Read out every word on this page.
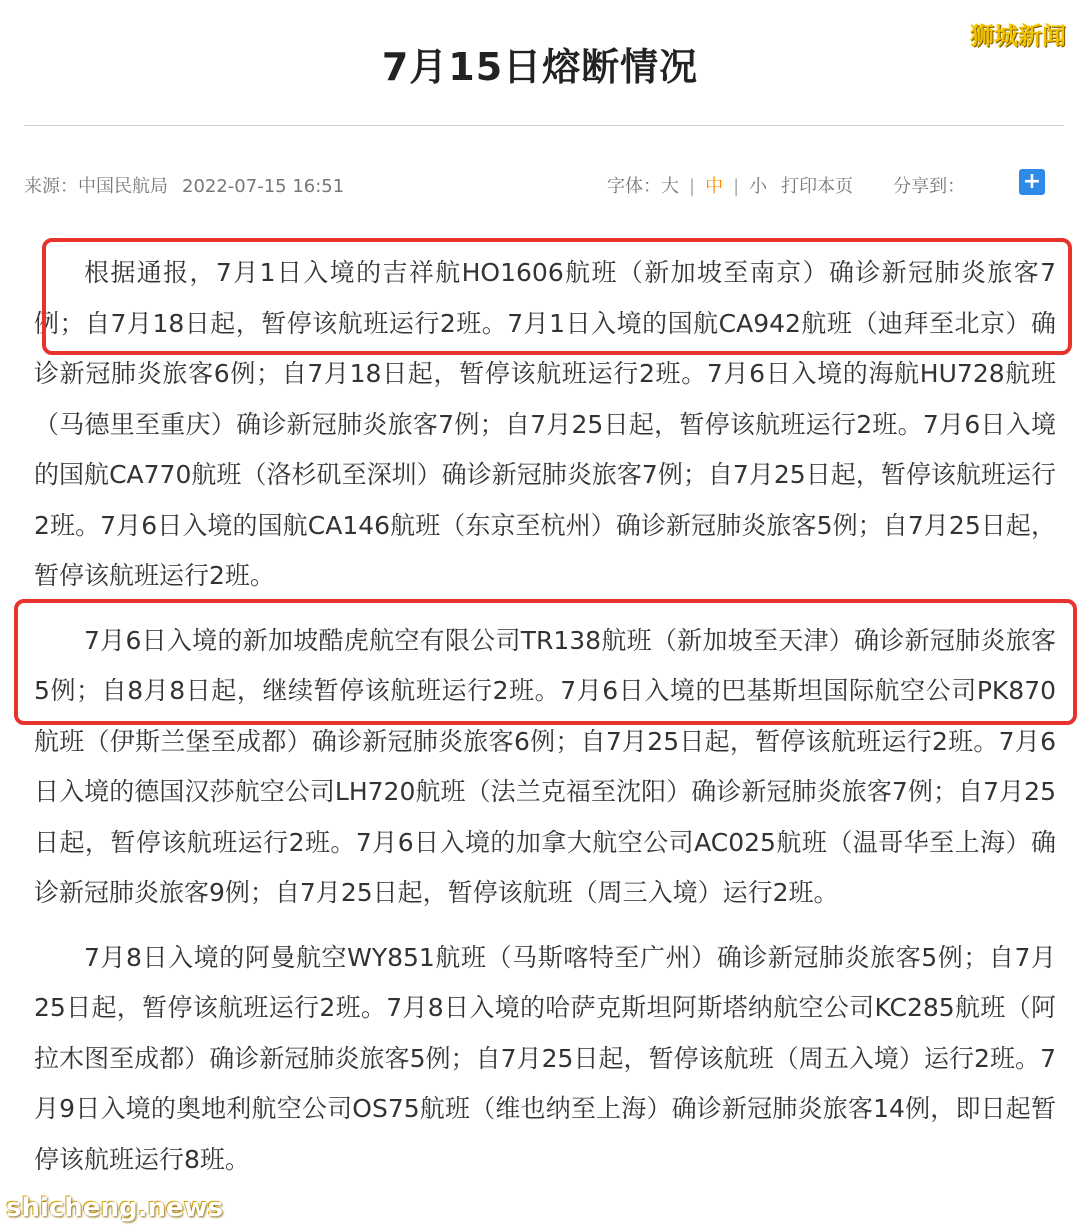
7月15日熔断情况
狮城新闻
来源：中国民航局 2022-07-15 16:51	字体：大 | 中 | 小 打印本页 分享到：	+

根据通报，7月1日入境的吉祥航HO1606航班（新加坡至南京）确诊新冠肺炎旅客7例；自7月18日起，暂停该航班运行2班。7月1日入境的国航CA942航班（迪拜至北京）确诊新冠肺炎旅客6例；自7月18日起，暂停该航班运行2班。7月6日入境的海航HU728航班（马德里至重庆）确诊新冠肺炎旅客7例；自7月25日起，暂停该航班运行2班。7月6日入境的国航CA770航班（洛杉矶至深圳）确诊新冠肺炎旅客7例；自7月25日起，暂停该航班运行2班。7月6日入境的国航CA146航班（东京至杭州）确诊新冠肺炎旅客5例；自7月25日起，暂停该航班运行2班。

7月6日入境的新加坡酷虎航空有限公司TR138航班（新加坡至天津）确诊新冠肺炎旅客5例；自8月8日起，继续暂停该航班运行2班。7月6日入境的巴基斯坦国际航空公司PK870航班（伊斯兰堡至成都）确诊新冠肺炎旅客6例；自7月25日起，暂停该航班运行2班。7月6日入境的德国汉莎航空公司LH720航班（法兰克福至沈阳）确诊新冠肺炎旅客7例；自7月25日起，暂停该航班运行2班。7月6日入境的加拿大航空公司AC025航班（温哥华至上海）确诊新冠肺炎旅客9例；自7月25日起，暂停该航班（周三入境）运行2班。

7月8日入境的阿曼航空WY851航班（马斯喀特至广州）确诊新冠肺炎旅客5例；自7月25日起，暂停该航班运行2班。7月8日入境的哈萨克斯坦阿斯塔纳航空公司KC285航班（阿拉木图至成都）确诊新冠肺炎旅客5例；自7月25日起，暂停该航班（周五入境）运行2班。7月9日入境的奥地利航空公司OS75航班（维也纳至上海）确诊新冠肺炎旅客14例，即日起暂停该航班运行8班。

shicheng.news
